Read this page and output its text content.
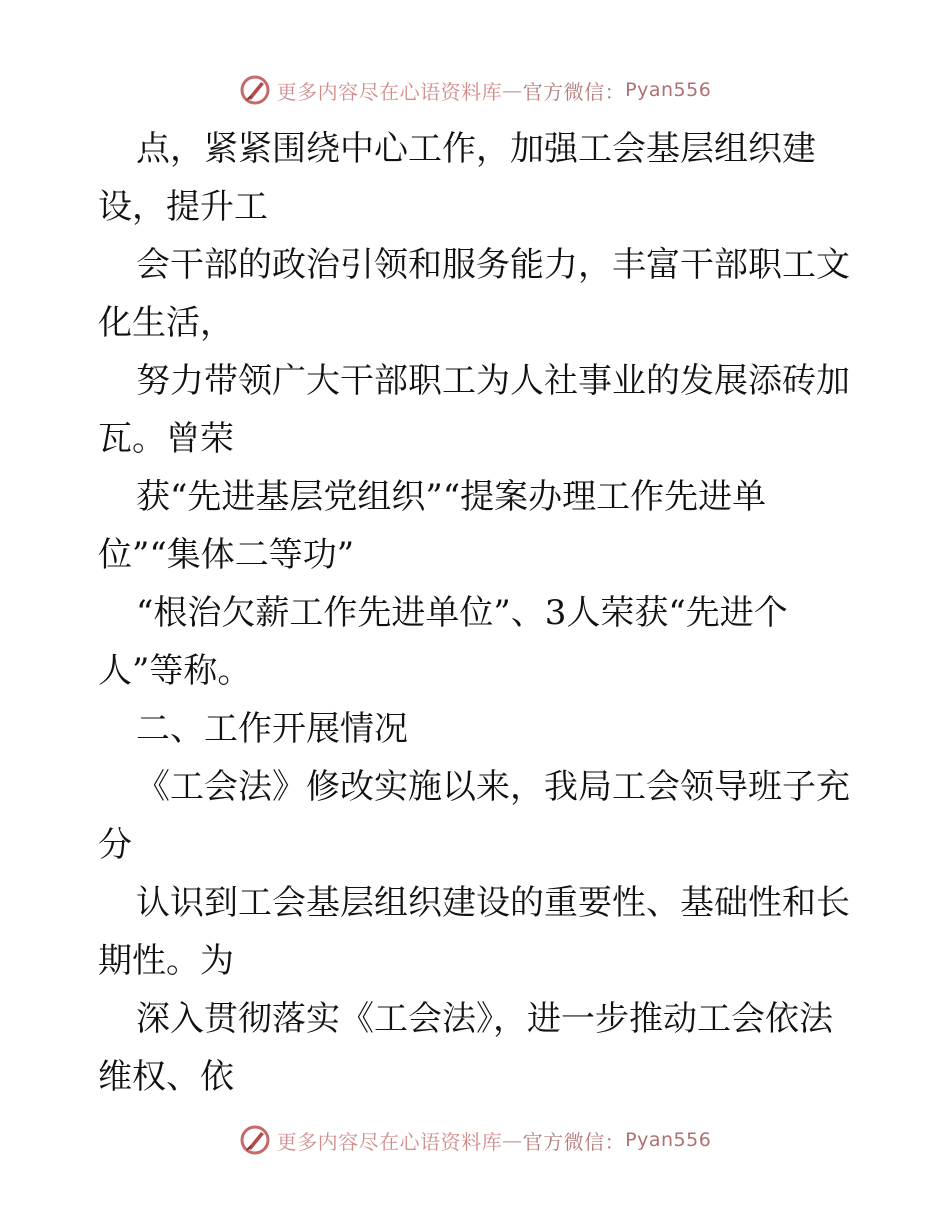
更多内容尽在心语资料库 — 官方微信： Pyan556
点，紧紧围绕中心工作，加强工会基层组织建
设，提升工
会干部的政治引领和服务能力，丰富干部职工文
化生活，
努力带领广大干部职工为人社事业的发展添砖加
瓦。曾荣
获“先进基层党组织”“提案办理工作先进单
位”“集体二等功”
“根治欠薪工作先进单位”、3人荣获“先进个
人”等称。
二、工作开展情况
《工会法》修改实施以来，我局工会领导班子充
分
认识到工会基层组织建设的重要性、基础性和长
期性。为
深入贯彻落实《工会法》，进一步推动工会依法
维权、依
更多内容尽在心语资料库 — 官方微信： Pyan556
